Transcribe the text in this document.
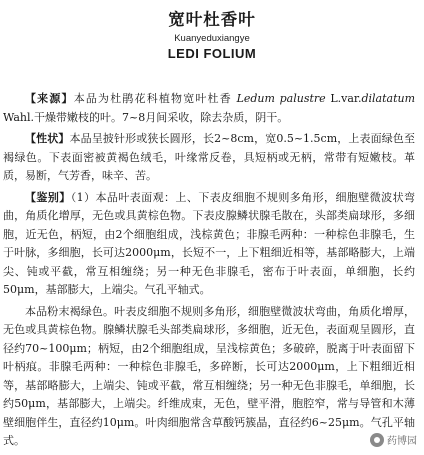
宽叶杜香叶
Kuanyeduxiangye
LEDI FOLIUM

【来源】本品为杜鹃花科植物宽叶杜香 Ledum palustre L.var.dilatatum Wahl.干燥带嫩枝的叶。7~8月间采收，除去杂质，阴干。

【性状】本品呈披针形或狭长圆形，长2~8cm，宽0.5~1.5cm，上表面绿色至褐绿色。下表面密被黄褐色绒毛，叶缘常反卷，具短柄或无柄，常带有短嫩枝。革质，易断，气芳香，味辛、苦。

【鉴别】（1）本品叶表面观：上、下表皮细胞不规则多角形，细胞壁微波状弯曲，角质化增厚，无色或具黄棕色物。下表皮腺鳞状腺毛散在，头部类扁球形，多细胞，近无色，柄短，由2个细胞组成，浅棕黄色；非腺毛两种：一种棕色非腺毛，生于叶脉，多细胞，长可达2000μm，长短不一，上下粗细近相等，基部略膨大，上端尖、钝或平截，常互相缠绕；另一种无色非腺毛，密布于叶表面，单细胞，长约50μm，基部膨大，上端尖。气孔平轴式。

本品粉末褐绿色。叶表皮细胞不规则多角形，细胞壁微波状弯曲，角质化增厚，无色或具黄棕色物。腺鳞状腺毛头部类扁球形，多细胞，近无色，表面观呈圆形，直径约70~100μm；柄短，由2个细胞组成，呈浅棕黄色；多破碎，脱离于叶表面留下叶柄痕。非腺毛两种：一种棕色非腺毛，多碎断，长可达2000μm，上下粗细近相等，基部略膨大，上端尖、钝或平截，常互相缠绕；另一种无色非腺毛，单细胞，长约50μm，基部膨大，上端尖。纤维成束，无色，壁平滑，胞腔窄，常与导管和木薄壁细胞伴生，直径约10μm。叶肉细胞常含草酸钙簇晶，直径约6~25μm。气孔平轴式。	药博园
